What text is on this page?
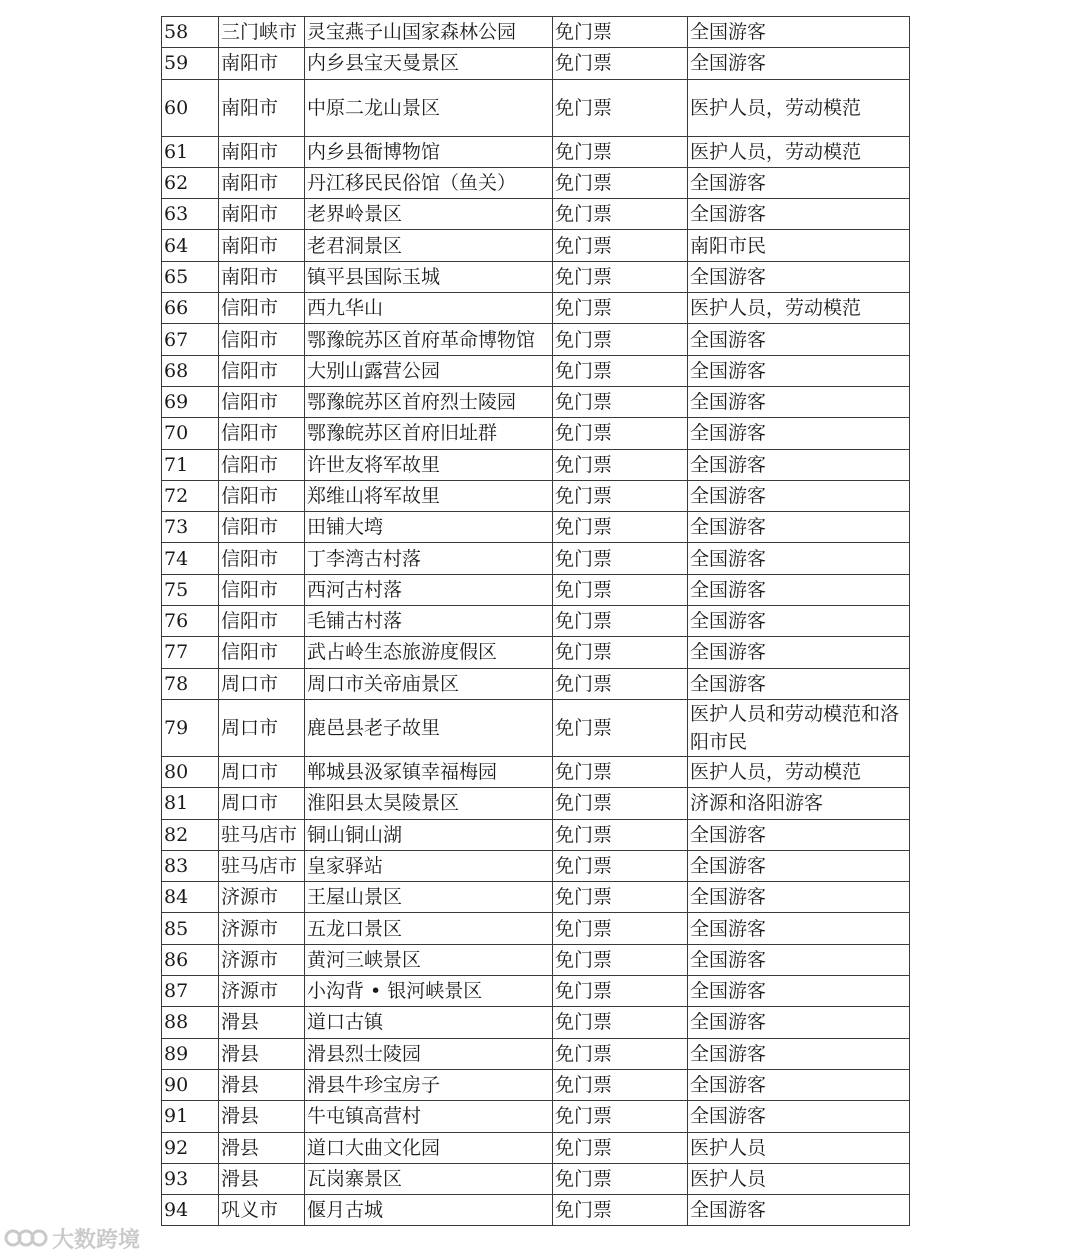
58	三门峡市	灵宝燕子山国家森林公园	免门票	全国游客
59	南阳市	内乡县宝天曼景区	免门票	全国游客
60	南阳市	中原二龙山景区	免门票	医护人员，劳动模范
61	南阳市	内乡县衙博物馆	免门票	医护人员，劳动模范
62	南阳市	丹江移民民俗馆（鱼关）	免门票	全国游客
63	南阳市	老界岭景区	免门票	全国游客
64	南阳市	老君洞景区	免门票	南阳市民
65	南阳市	镇平县国际玉城	免门票	全国游客
66	信阳市	西九华山	免门票	医护人员，劳动模范
67	信阳市	鄂豫皖苏区首府革命博物馆	免门票	全国游客
68	信阳市	大别山露营公园	免门票	全国游客
69	信阳市	鄂豫皖苏区首府烈士陵园	免门票	全国游客
70	信阳市	鄂豫皖苏区首府旧址群	免门票	全国游客
71	信阳市	许世友将军故里	免门票	全国游客
72	信阳市	郑维山将军故里	免门票	全国游客
73	信阳市	田铺大塆	免门票	全国游客
74	信阳市	丁李湾古村落	免门票	全国游客
75	信阳市	西河古村落	免门票	全国游客
76	信阳市	毛铺古村落	免门票	全国游客
77	信阳市	武占岭生态旅游度假区	免门票	全国游客
78	周口市	周口市关帝庙景区	免门票	全国游客
79	周口市	鹿邑县老子故里	免门票	医护人员和劳动模范和洛阳市民
80	周口市	郸城县汲冢镇幸福梅园	免门票	医护人员，劳动模范
81	周口市	淮阳县太昊陵景区	免门票	济源和洛阳游客
82	驻马店市	铜山铜山湖	免门票	全国游客
83	驻马店市	皇家驿站	免门票	全国游客
84	济源市	王屋山景区	免门票	全国游客
85	济源市	五龙口景区	免门票	全国游客
86	济源市	黄河三峡景区	免门票	全国游客
87	济源市	小沟背 • 银河峡景区	免门票	全国游客
88	滑县	道口古镇	免门票	全国游客
89	滑县	滑县烈士陵园	免门票	全国游客
90	滑县	滑县牛珍宝房子	免门票	全国游客
91	滑县	牛屯镇高营村	免门票	全国游客
92	滑县	道口大曲文化园	免门票	医护人员
93	滑县	瓦岗寨景区	免门票	医护人员
94	巩义市	偃月古城	免门票	全国游客
大数跨境
